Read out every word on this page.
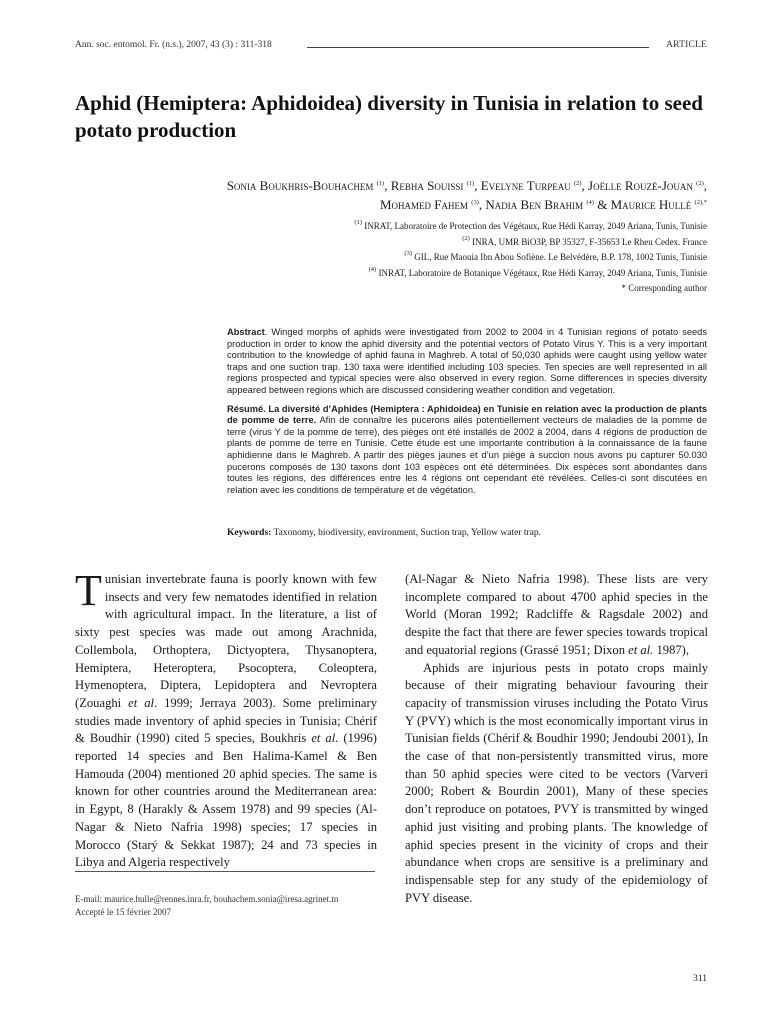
Ann. soc. entomol. Fr. (n.s.), 2007, 43 (3) : 311-318	ARTICLE
Aphid (Hemiptera: Aphidoidea) diversity in Tunisia in relation to seed potato production
Sonia Boukhris-Bouhachem $^{(1)}$, Rebha Souissi $^{(1)}$, Evelyne Turpeau $^{(2)}$, Joëlle Rouzé-Jouan $^{(2)}$,
Mohamed Fahem $^{(3)}$, Nadia Ben Brahim $^{(4)}$ & Maurice Hullé $^{(2),*}$
$^{(1)}$ INRAT, Laboratoire de Protection des Végétaux, Rue Hédi Karray, 2049 Ariana, Tunis, Tunisie
$^{(2)}$ INRA, UMR BiO3P, BP 35327, F-35653 Le Rheu Cedex. France
$^{(3)}$ GIL, Rue Maouia Ibn Abou Sofiène. Le Belvédère, B.P. 178, 1002 Tunis, Tunisie
$^{(4)}$ INRAT, Laboratoire de Botanique Végétaux, Rue Hédi Karray, 2049 Ariana, Tunis, Tunisie
* Corresponding author

Abstract. Winged morphs of aphids were investigated from 2002 to 2004 in 4 Tunisian regions of potato seeds production in order to know the aphid diversity and the potential vectors of Potato Virus Y. This is a very important contribution to the knowledge of aphid fauna in Maghreb. A total of 50,030 aphids were caught using yellow water traps and one suction trap. 130 taxa were identified including 103 species. Ten species are well represented in all regions prospected and typical species were also observed in every region. Some differences in species diversity appeared between regions which are discussed considering weather condition and vegetation.

Résumé. La diversité d’Aphides (Hemiptera : Aphidoidea) en Tunisie en relation avec la production de plants de pomme de terre. Afin de connaître les pucerons ailés potentiellement vecteurs de maladies de la pomme de terre (virus Y de la pomme de terre), des pièges ont été installés de 2002 à 2004, dans 4 régions de production de plants de pomme de terre en Tunisie. Cette étude est une importante contribution à la connaissance de la faune aphidienne dans le Maghreb. A partir des pièges jaunes et d’un piège à succion nous avons pu capturer 50.030 pucerons composés de 130 taxons dont 103 espèces ont été déterminées. Dix espèces sont abondantes dans toutes les régions, des différences entre les 4 régions ont cependant été révélées. Celles-ci sont discutées en relation avec les conditions de température et de végétation.

Keywords: Taxonomy, biodiversity, environment, Suction trap, Yellow water trap.

Tunisian invertebrate fauna is poorly known with few insects and very few nematodes identified in relation with agricultural impact. In the literature, a list of sixty pest species was made out among Arachnida, Collembola, Orthoptera, Dictyoptera, Thysanoptera, Hemiptera, Heteroptera, Psocoptera, Coleoptera, Hymenoptera, Diptera, Lepidoptera and Nevroptera (Zouaghi et al. 1999; Jerraya 2003). Some preliminary studies made inventory of aphid species in Tunisia; Chérif & Boudhir (1990) cited 5 species, Boukhris et al. (1996) reported 14 species and Ben Halima-Kamel & Ben Hamouda (2004) mentioned 20 aphid species. The same is known for other countries around the Mediterranean area: in Egypt, 8 (Harakly & Assem 1978) and 99 species (Al-Nagar & Nieto Nafria 1998) species; 17 species in Morocco (Starý & Sekkat 1987); 24 and 73 species in Libya and Algeria respectively

(Al-Nagar & Nieto Nafria 1998). These lists are very incomplete compared to about 4700 aphid species in the World (Moran 1992; Radcliffe & Ragsdale 2002) and despite the fact that there are fewer species towards tropical and equatorial regions (Grassé 1951; Dixon et al. 1987),

Aphids are injurious pests in potato crops mainly because of their migrating behaviour favouring their capacity of transmission viruses including the Potato Virus Y (PVY) which is the most economically important virus in Tunisian fields (Chérif & Boudhir 1990; Jendoubi 2001), In the case of that non-persistently transmitted virus, more than 50 aphid species were cited to be vectors (Varveri 2000; Robert & Bourdin 2001), Many of these species don’t reproduce on potatoes, PVY is transmitted by winged aphid just visiting and probing plants. The knowledge of aphid species present in the vicinity of crops and their abundance when crops are sensitive is a preliminary and indispensable step for any study of the epidemiology of PVY disease.

E-mail: maurice.hulle@rennes.inra.fr, bouhachem.sonia@iresa.agrinet.tn
Accepté le 15 février 2007
311
